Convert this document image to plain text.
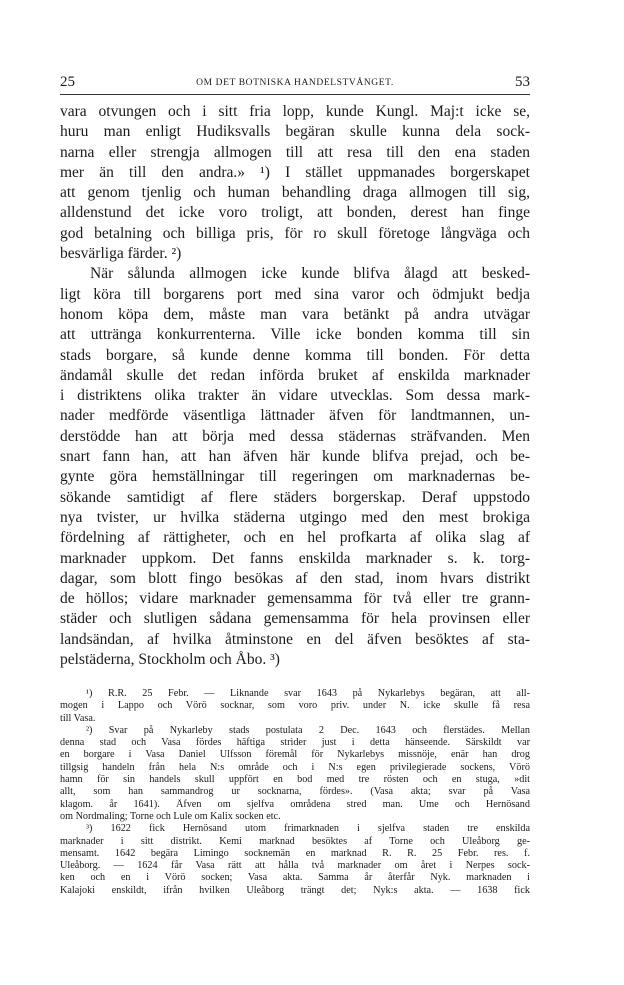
25	OM DET BOTNISKA HANDELSTVÅNGET.	53
vara otvungen och i sitt fria lopp, kunde Kungl. Maj:t icke se,
huru man enligt Hudiksvalls begäran skulle kunna dela sock-
narna eller strengja allmogen till att resa till den ena staden
mer än till den andra.» ¹) I stället uppmanades borgerskapet
att genom tjenlig och human behandling draga allmogen till sig,
alldenstund det icke voro troligt, att bonden, derest han finge
god betalning och billiga pris, för ro skull företoge långväga och
besvärliga färder. ²)
När sålunda allmogen icke kunde blifva ålagd att besked-
ligt köra till borgarens port med sina varor och ödmjukt bedja
honom köpa dem, måste man vara betänkt på andra utvägar
att utträngа konkurrenterna. Ville icke bonden komma till sin
stads borgare, så kunde denne komma till bonden. För detta
ändamål skulle det redan införda bruket af enskilda marknader
i distriktens olika trakter än vidare utvecklas. Som dessa mark-
nader medförde väsentliga lättnader äfven för landtmannen, un-
derstödde han att börja med dessa städernas sträfvanden. Men
snart fann han, att han äfven här kunde blifva prejad, och be-
gynte göra hemställningar till regeringen om marknadernas be-
sökande samtidigt af flere städers borgerskap. Deraf uppstodo
nya tvister, ur hvilka städerna utgingo med den mest brokiga
fördelning af rättigheter, och en hel profkarta af olika slag af
marknader uppkom. Det fanns enskilda marknader s. k. torg-
dagar, som blott fingo besökas af den stad, inom hvars distrikt
de höllos; vidare marknader gemensamma för två eller tre grann-
städer och slutligen sådana gemensamma för hela provinsen eller
landsändan, af hvilka åtminstone en del äfven besöktes af sta-
pelstäderna, Stockholm och Åbo. ³)
¹) R.R. 25 Febr. — Liknande svar 1643 på Nykarlebys begäran, att all-
mogen i Lappo och Vörö socknar, som voro priv. under N. icke skulle få resa
till Vasa.
²) Svar på Nykarleby stads postulata 2 Dec. 1643 och flerstädes. Mellan
denna stad och Vasa fördes häftiga strider just i detta hänseende. Särskildt var
en borgare i Vasa Daniel Ulfsson föremål för Nykarlebys missnöje, enär han drog
tillgsig handeln från hela N:s område och i N:s egen privilegierade sockens, Vörö
hamn för sin handels skull uppfört en bod med tre rösten och en stuga, »dit
allt, som han sammandrog ur socknarna, fördes». (Vasa akta; svar på Vasa
klagom. år 1641). Äfven om sjelfva områdena stred man. Ume och Hernösand
om Nordmaling; Torne och Lule om Kalix socken etc.
³) 1622 fick Hernösand utom frimarknaden i sjelfva staden tre enskilda
marknader i sitt distrikt. Kemi marknad besöktes af Torne och Uleåborg ge-
mensamt. 1642 begära Limingo socknemän en marknad R. R. 25 Febr. res. f.
Uleåborg. — 1624 får Vasa rätt att hålla två marknader om året i Nerpes sock-
ken och en i Vörö socken; Vasa akta. Samma år återfår Nyk. marknaden i
Kalajoki enskildt, ifrån hvilken Uleåborg trängt det; Nyk:s akta. — 1638 fick
